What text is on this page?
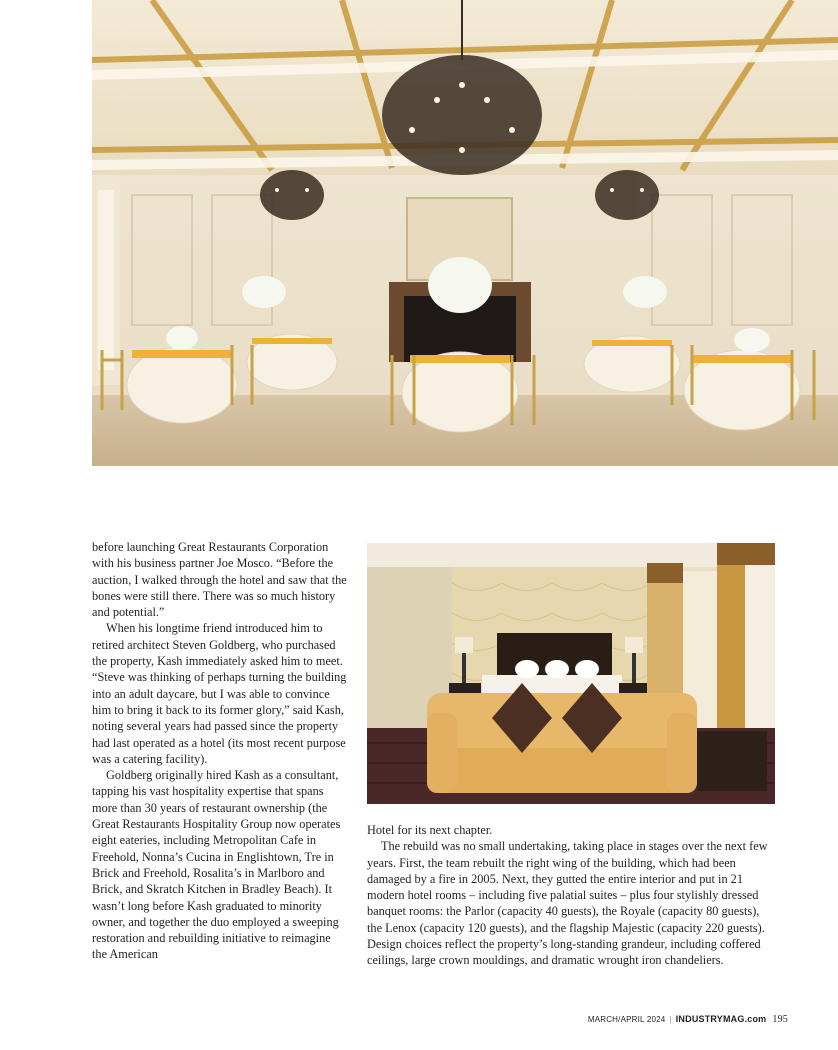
before launching Great Restaurants Corporation with his business partner Joe Mosco. “Before the auction, I walked through the hotel and saw that the bones were still there. There was so much history and potential.”

When his longtime friend introduced him to retired architect Steven Goldberg, who purchased the property, Kash immediately asked him to meet. “Steve was thinking of perhaps turning the building into an adult daycare, but I was able to convince him to bring it back to its former glory,” said Kash, noting several years had passed since the property had last operated as a hotel (its most recent purpose was a catering facility).

Goldberg originally hired Kash as a consultant, tapping his vast hospitality expertise that spans more than 30 years of restaurant ownership (the Great Restaurants Hospitality Group now operates eight eateries, including Metropolitan Cafe in Freehold, Nonna’s Cucina in Englishtown, Tre in Brick and Freehold, Rosalita’s in Marlboro and Brick, and Skratch Kitchen in Bradley Beach). It wasn’t long before Kash graduated to minority owner, and together the duo employed a sweeping restoration and rebuilding initiative to reimagine the American

Hotel for its next chapter.

The rebuild was no small undertaking, taking place in stages over the next few years. First, the team rebuilt the right wing of the building, which had been damaged by a fire in 2005. Next, they gutted the entire interior and put in 21 modern hotel rooms – including five palatial suites – plus four stylishly dressed banquet rooms: the Parlor (capacity 40 guests), the Royale (capacity 80 guests), the Lenox (capacity 120 guests), and the flagship Majestic (capacity 220 guests). Design choices reflect the property’s long-standing grandeur, including coffered ceilings, large crown mouldings, and dramatic wrought iron chandeliers.

MARCH/APRIL 2024 | INDUSTRYMAG.com 195
